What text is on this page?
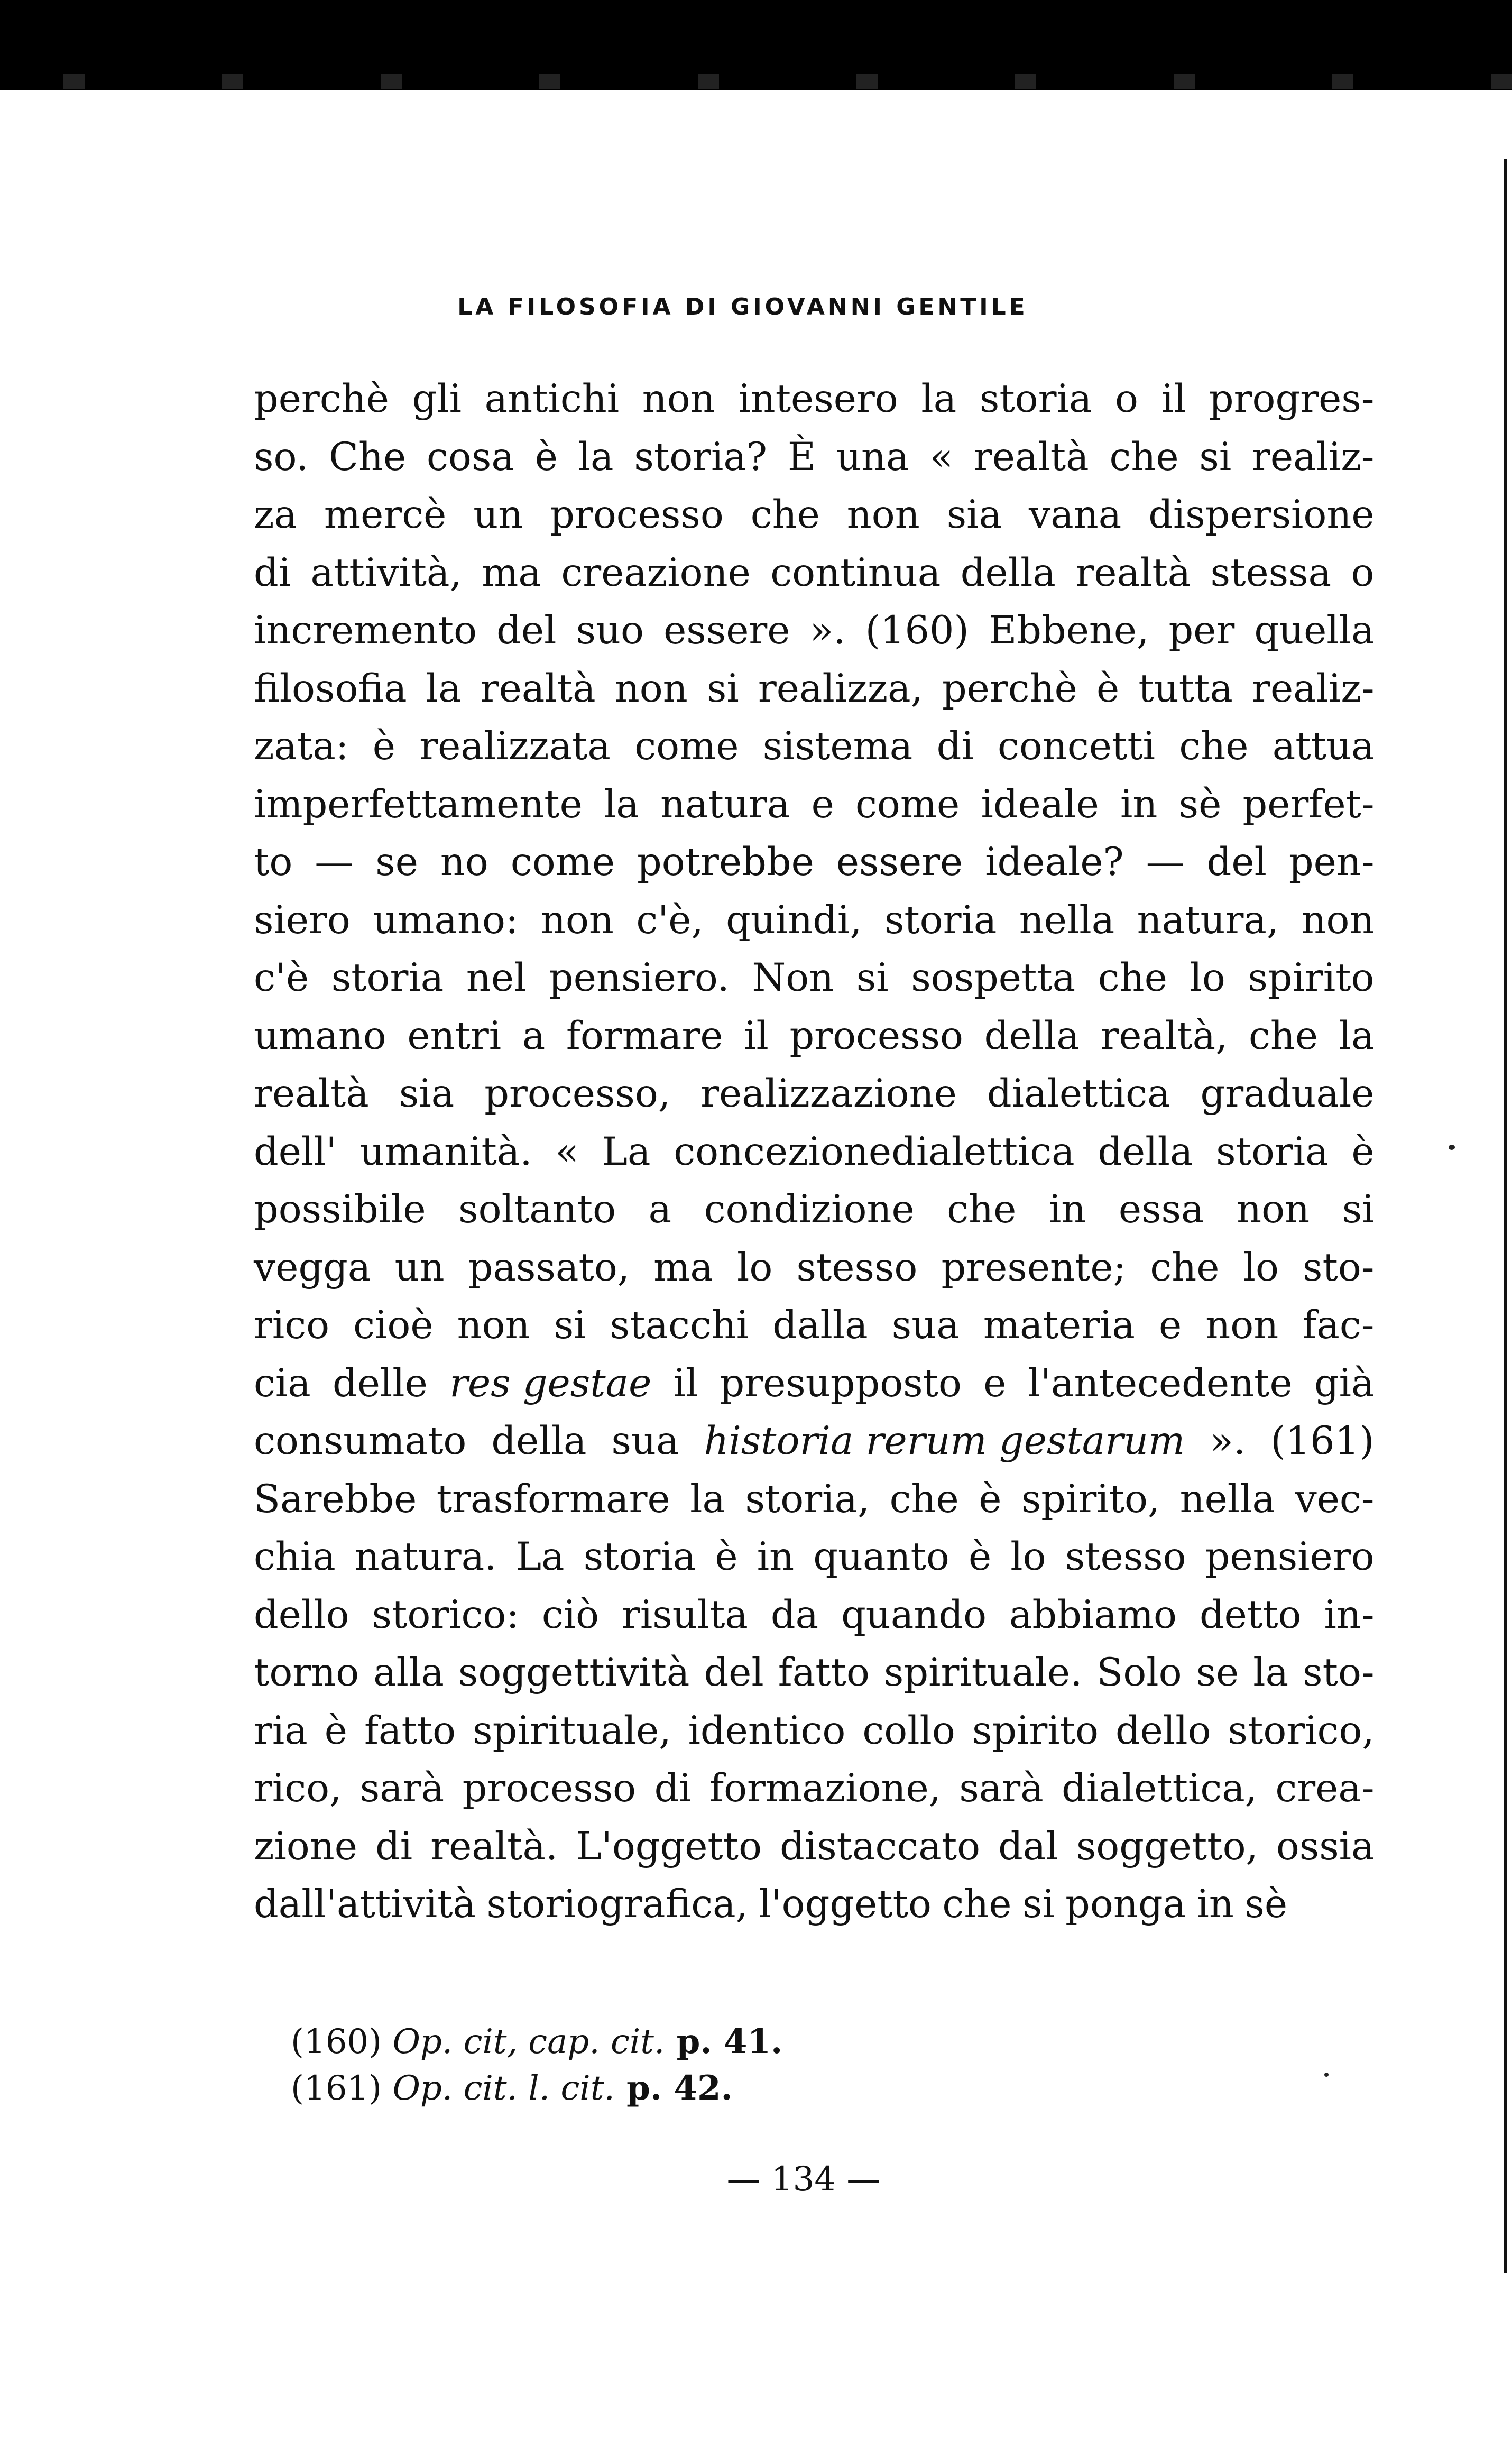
LA FILOSOFIA DI GIOVANNI GENTILE
perchè gli antichi non intesero la storia o il progres-
so. Che cosa è la storia? È una « realtà che si realiz-
za mercè un processo che non sia vana dispersione
di attività, ma creazione continua della realtà stessa o
incremento del suo essere ». (160) Ebbene, per quella
filosofia la realtà non si realizza, perchè è tutta realiz-
zata: è realizzata come sistema di concetti che attua
imperfettamente la natura e come ideale in sè perfet-
to — se no come potrebbe essere ideale? — del pen-
siero umano: non c'è, quindi, storia nella natura, non
c'è storia nel pensiero. Non si sospetta che lo spirito
umano entri a formare il processo della realtà, che la
realtà sia processo, realizzazione dialettica graduale
dell' umanità. « La concezionedialettica della storia è
possibile soltanto a condizione che in essa non si
vegga un passato, ma lo stesso presente; che lo sto-
rico cioè non si stacchi dalla sua materia e non fac-
cia delle res gestae il presupposto e l'antecedente già
consumato della sua historia rerum gestarum ». (161)
Sarebbe trasformare la storia, che è spirito, nella vec-
chia natura. La storia è in quanto è lo stesso pensiero
dello storico: ciò risulta da quando abbiamo detto in-
torno alla soggettività del fatto spirituale. Solo se la sto-
ria è fatto spirituale, identico collo spirito dello storico,
rico, sarà processo di formazione, sarà dialettica, crea-
zione di realtà. L'oggetto distaccato dal soggetto, ossia
dall'attività storiografica, l'oggetto che si ponga in sè
(160) Op. cit, cap. cit. p. 41.
(161) Op. cit. l. cit. p. 42.
— 134 —
